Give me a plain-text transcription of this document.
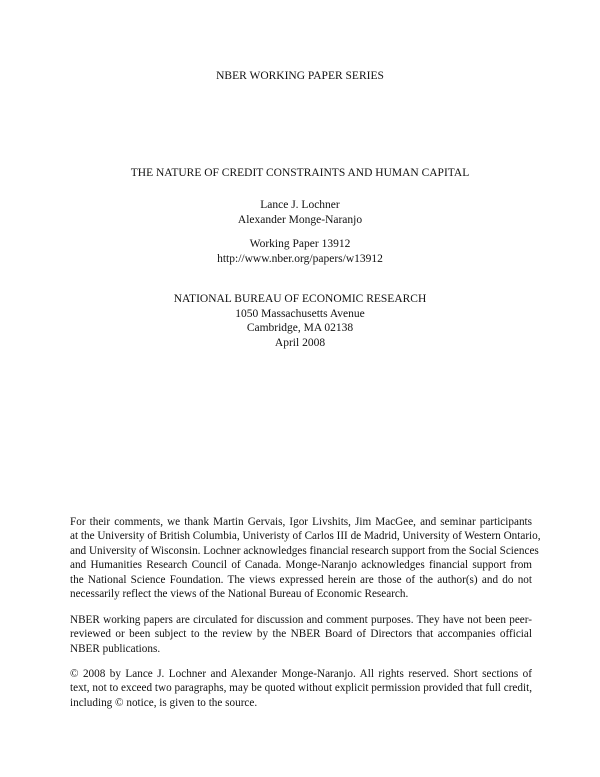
NBER WORKING PAPER SERIES
THE NATURE OF CREDIT CONSTRAINTS AND HUMAN CAPITAL
Lance J. Lochner
Alexander Monge-Naranjo
Working Paper 13912
http://www.nber.org/papers/w13912
NATIONAL BUREAU OF ECONOMIC RESEARCH
1050 Massachusetts Avenue
Cambridge, MA 02138
April 2008
For their comments, we thank Martin Gervais, Igor Livshits, Jim MacGee, and seminar participants
at the University of British Columbia, Univeristy of Carlos III de Madrid, University of Western Ontario,
and University of Wisconsin. Lochner acknowledges financial research support from the Social Sciences
and Humanities Research Council of Canada. Monge-Naranjo acknowledges financial support from
the National Science Foundation. The views expressed herein are those of the author(s) and do not
necessarily reflect the views of the National Bureau of Economic Research.
NBER working papers are circulated for discussion and comment purposes. They have not been peer-
reviewed or been subject to the review by the NBER Board of Directors that accompanies official
NBER publications.
© 2008 by Lance J. Lochner and Alexander Monge-Naranjo. All rights reserved. Short sections of
text, not to exceed two paragraphs, may be quoted without explicit permission provided that full credit,
including © notice, is given to the source.
